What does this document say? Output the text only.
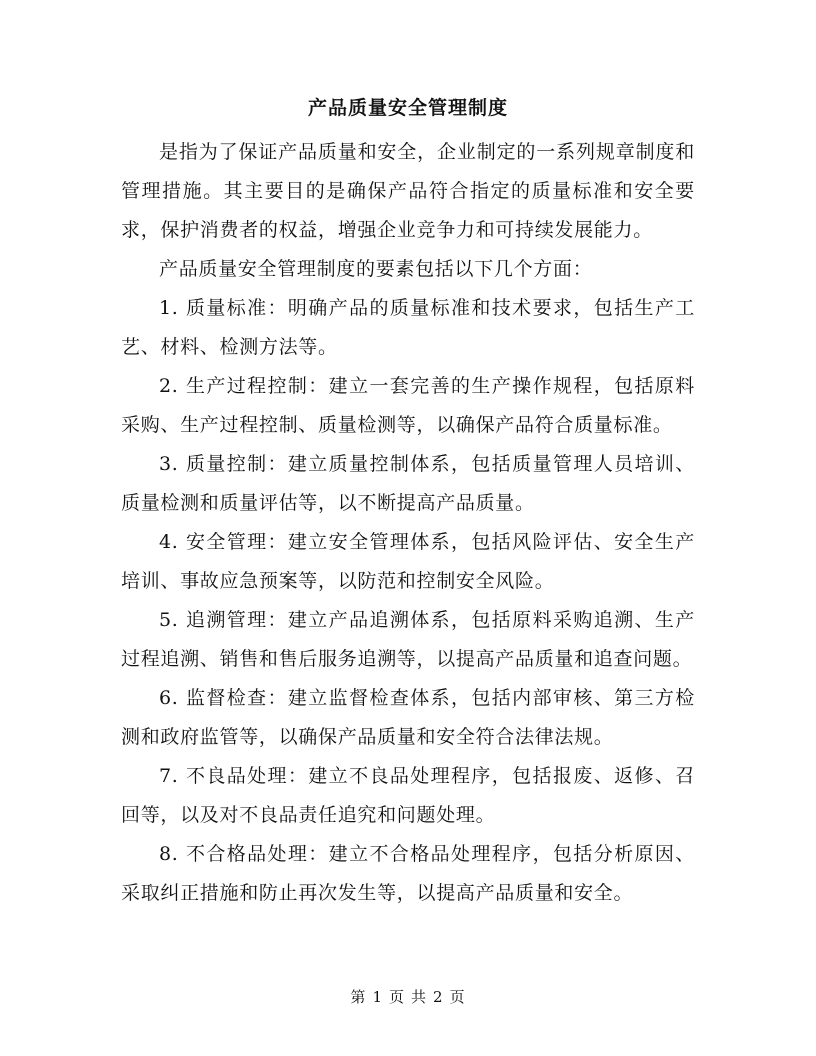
产品质量安全管理制度

是指为了保证产品质量和安全，企业制定的一系列规章制度和管理措施。其主要目的是确保产品符合指定的质量标准和安全要求，保护消费者的权益，增强企业竞争力和可持续发展能力。

产品质量安全管理制度的要素包括以下几个方面：

1. 质量标准：明确产品的质量标准和技术要求，包括生产工艺、材料、检测方法等。

2. 生产过程控制：建立一套完善的生产操作规程，包括原料采购、生产过程控制、质量检测等，以确保产品符合质量标准。

3. 质量控制：建立质量控制体系，包括质量管理人员培训、质量检测和质量评估等，以不断提高产品质量。

4. 安全管理：建立安全管理体系，包括风险评估、安全生产培训、事故应急预案等，以防范和控制安全风险。

5. 追溯管理：建立产品追溯体系，包括原料采购追溯、生产过程追溯、销售和售后服务追溯等，以提高产品质量和追查问题。

6. 监督检查：建立监督检查体系，包括内部审核、第三方检测和政府监管等，以确保产品质量和安全符合法律法规。

7. 不良品处理：建立不良品处理程序，包括报废、返修、召回等，以及对不良品责任追究和问题处理。

8. 不合格品处理：建立不合格品处理程序，包括分析原因、采取纠正措施和防止再次发生等，以提高产品质量和安全。

第 1 页 共 2 页
